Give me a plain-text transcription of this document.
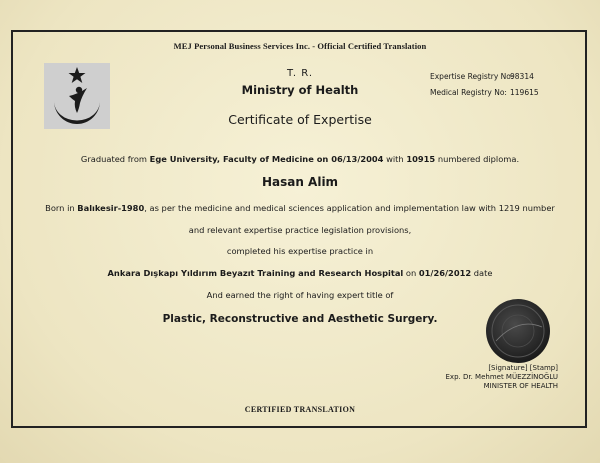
MEJ Personal Business Services Inc. - Official Certified Translation
T. R.
Ministry of Health
Certificate of Expertise
Expertise Registry No:
98314
Medical Registry No: 119615
Graduated from Ege University, Faculty of Medicine on 06/13/2004 with 10915 numbered diploma.
Hasan Alim
Born in Balıkesir-1980, as per the medicine and medical sciences application and implementation law with 1219 number
and relevant expertise practice legislation provisions,
completed his expertise practice in
Ankara Dışkapı Yıldırım Beyazıt Training and Research Hospital on 01/26/2012 date
And earned the right of having expert title of
Plastic, Reconstructive and Aesthetic Surgery.
[Signature] [Stamp]
Exp. Dr. Mehmet MÜEZZİNOĞLU
MINISTER OF HEALTH
CERTIFIED TRANSLATION
